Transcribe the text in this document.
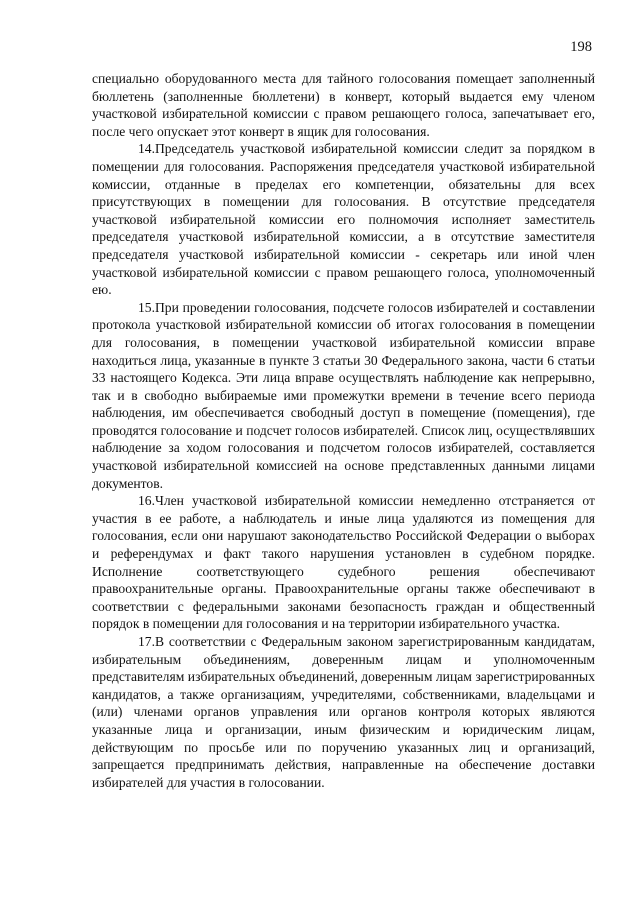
198

специально оборудованного места для тайного голосования помещает заполненный бюллетень (заполненные бюллетени) в конверт, который выдается ему членом участковой избирательной комиссии с правом решающего голоса, запечатывает его, после чего опускает этот конверт в ящик для голосования.

14.Председатель участковой избирательной комиссии следит за порядком в помещении для голосования. Распоряжения председателя участковой избирательной комиссии, отданные в пределах его компетенции, обязательны для всех присутствующих в помещении для голосования. В отсутствие председателя участковой избирательной комиссии его полномочия исполняет заместитель председателя участковой избирательной комиссии, а в отсутствие заместителя председателя участковой избирательной комиссии - секретарь или иной член участковой избирательной комиссии с правом решающего голоса, уполномоченный ею.

15.При проведении голосования, подсчете голосов избирателей и составлении протокола участковой избирательной комиссии об итогах голосования в помещении для голосования, в помещении участковой избирательной комиссии вправе находиться лица, указанные в пункте 3 статьи 30 Федерального закона, части 6 статьи 33 настоящего Кодекса. Эти лица вправе осуществлять наблюдение как непрерывно, так и в свободно выбираемые ими промежутки времени в течение всего периода наблюдения, им обеспечивается свободный доступ в помещение (помещения), где проводятся голосование и подсчет голосов избирателей. Список лиц, осуществлявших наблюдение за ходом голосования и подсчетом голосов избирателей, составляется участковой избирательной комиссией на основе представленных данными лицами документов.

16.Член участковой избирательной комиссии немедленно отстраняется от участия в ее работе, а наблюдатель и иные лица удаляются из помещения для голосования, если они нарушают законодательство Российской Федерации о выборах и референдумах и факт такого нарушения установлен в судебном порядке. Исполнение соответствующего судебного решения обеспечивают правоохранительные органы. Правоохранительные органы также обеспечивают в соответствии с федеральными законами безопасность граждан и общественный порядок в помещении для голосования и на территории избирательного участка.

17.В соответствии с Федеральным законом зарегистрированным кандидатам, избирательным объединениям, доверенным лицам и уполномоченным представителям избирательных объединений, доверенным лицам зарегистрированных кандидатов, а также организациям, учредителями, собственниками, владельцами и (или) членами органов управления или органов контроля которых являются указанные лица и организации, иным физическим и юридическим лицам, действующим по просьбе или по поручению указанных лиц и организаций, запрещается предпринимать действия, направленные на обеспечение доставки избирателей для участия в голосовании.
